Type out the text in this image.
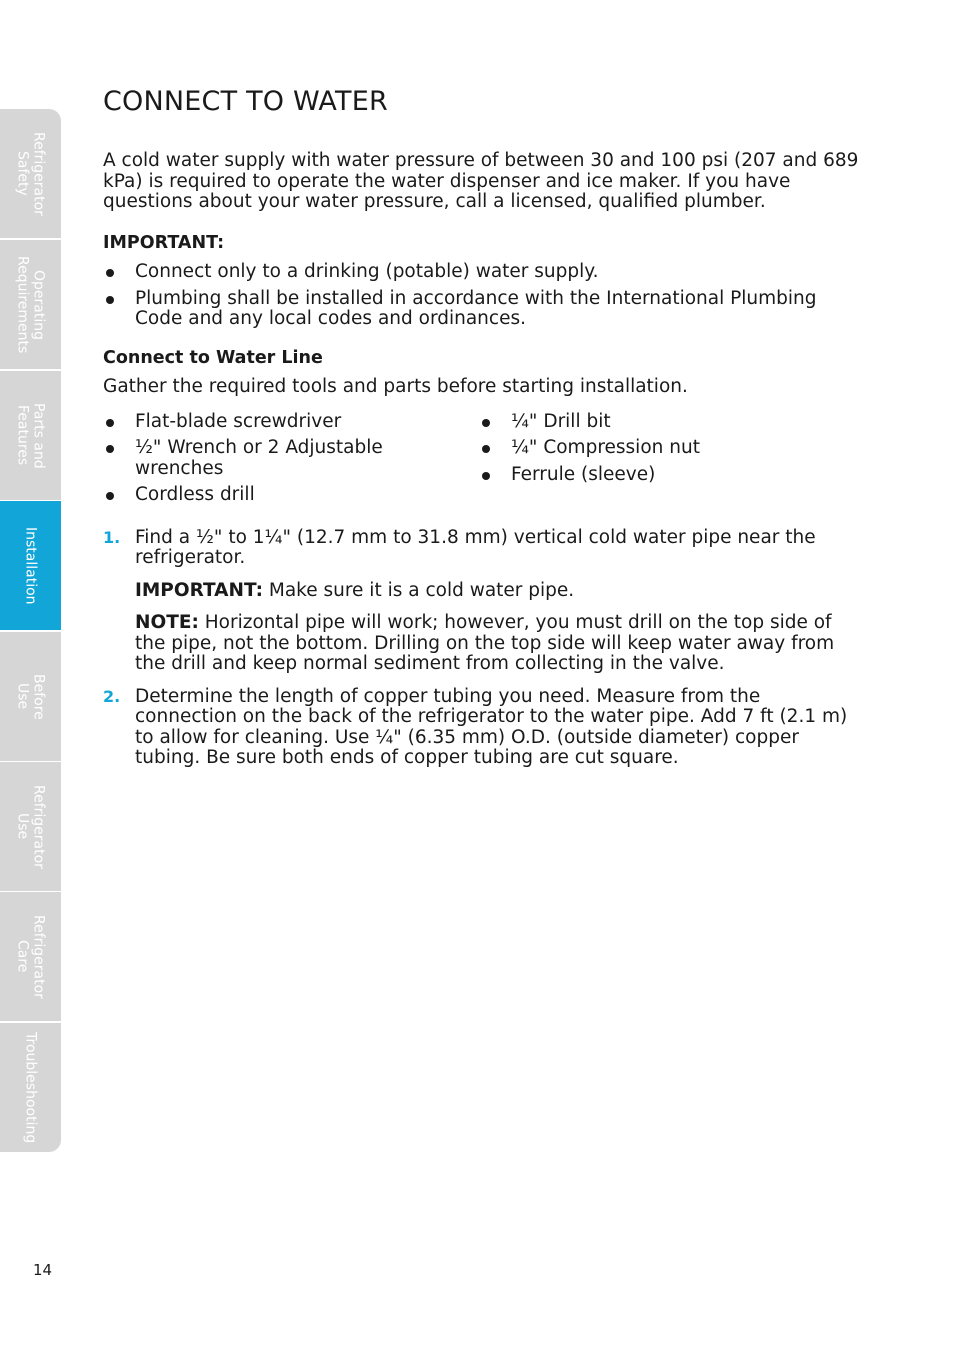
Refrigerator
Safety
Operating
Requirements
Parts and
Features
Installation
Before
Use
Refrigerator
Use
Refrigerator
Care
Troubleshooting
CONNECT TO WATER

A cold water supply with water pressure of between 30 and 100 psi (207 and 689 kPa) is required to operate the water dispenser and ice maker. If you have questions about your water pressure, call a licensed, qualified plumber.

IMPORTANT:

Connect only to a drinking (potable) water supply.
Plumbing shall be installed in accordance with the International Plumbing Code and any local codes and ordinances.

Connect to Water Line

Gather the required tools and parts before starting installation.

Flat-blade screwdriver
½" Wrench or 2 Adjustable wrenches
Cordless drill
¼" Drill bit
¼" Compression nut
Ferrule (sleeve)
1. Find a ½" to 1¼" (12.7 mm to 31.8 mm) vertical cold water pipe near the refrigerator.

IMPORTANT: Make sure it is a cold water pipe.

NOTE: Horizontal pipe will work; however, you must drill on the top side of the pipe, not the bottom. Drilling on the top side will keep water away from the drill and keep normal sediment from collecting in the valve.

2. Determine the length of copper tubing you need. Measure from the connection on the back of the refrigerator to the water pipe. Add 7 ft (2.1 m) to allow for cleaning. Use ¼" (6.35 mm) O.D. (outside diameter) copper tubing. Be sure both ends of copper tubing are cut square.

14
